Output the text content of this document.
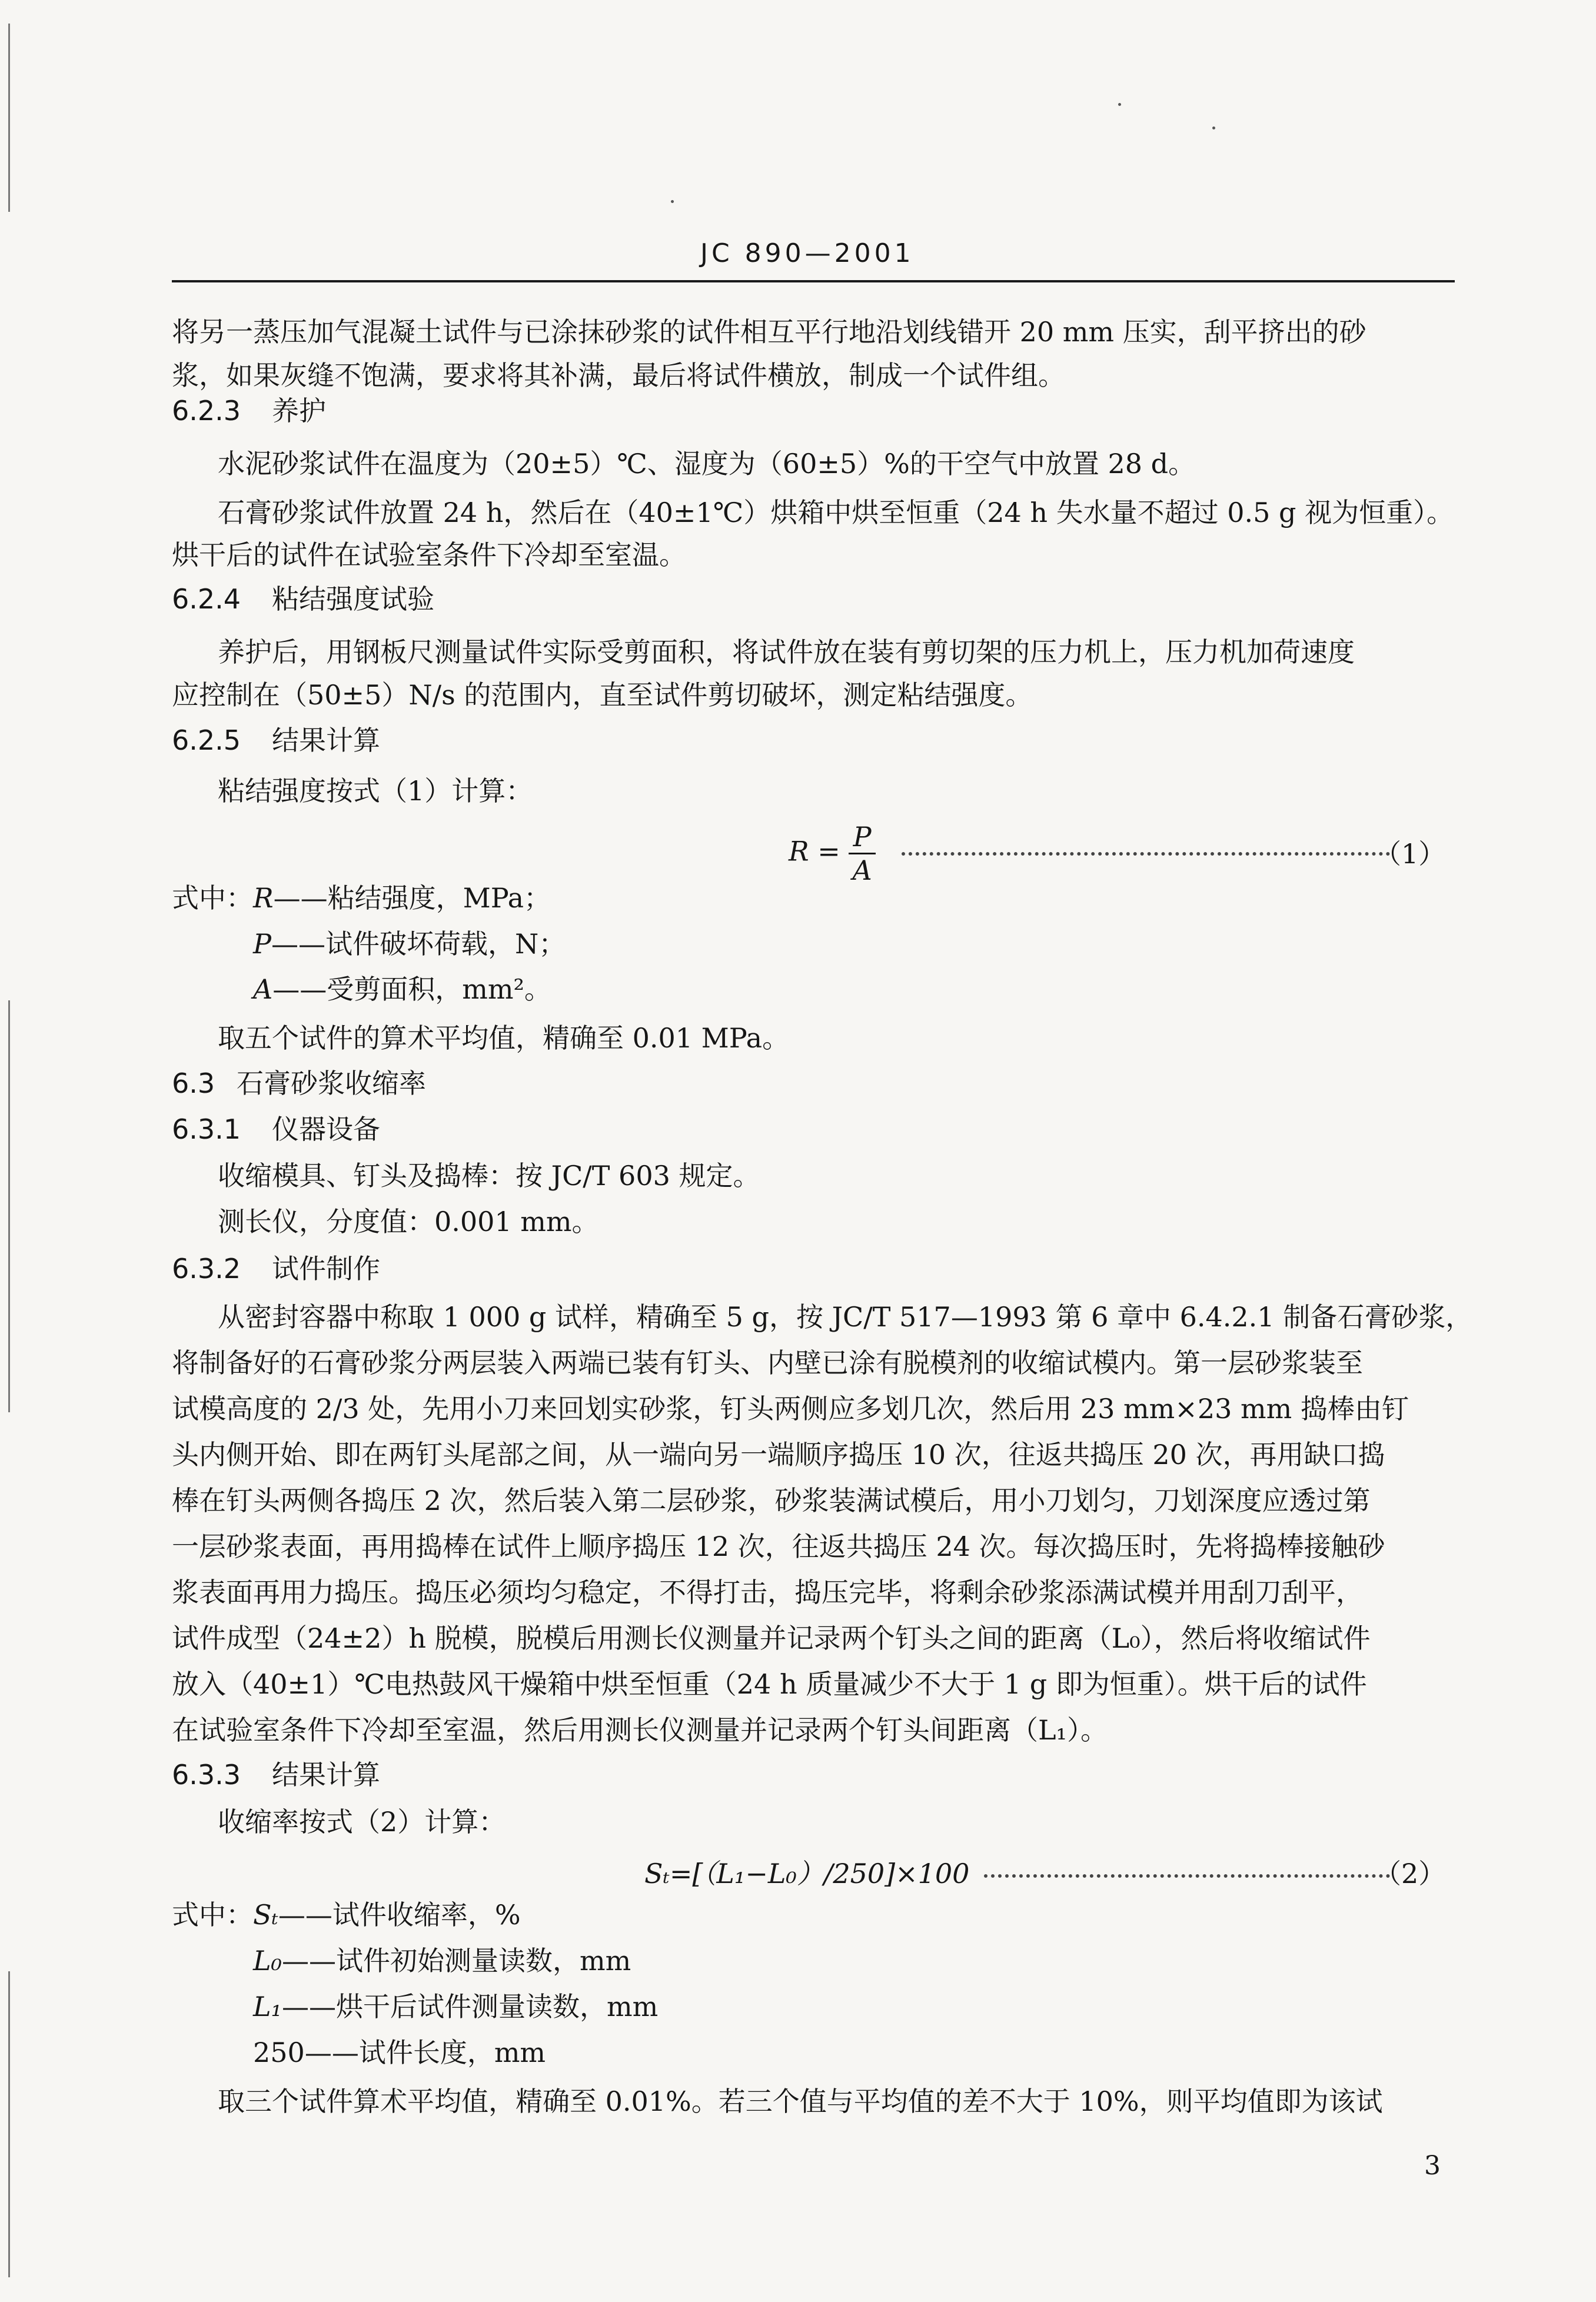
JC 890—2001
将另一蒸压加气混凝土试件与已涂抹砂浆的试件相互平行地沿划线错开 20 mm 压实，刮平挤出的砂
浆，如果灰缝不饱满，要求将其补满，最后将试件横放，制成一个试件组。
6.2.3 养护
水泥砂浆试件在温度为（20±5）℃、湿度为（60±5）%的干空气中放置 28 d。
石膏砂浆试件放置 24 h，然后在（40±1℃）烘箱中烘至恒重（24 h 失水量不超过 0.5 g 视为恒重）。
烘干后的试件在试验室条件下冷却至室温。
6.2.4 粘结强度试验
养护后，用钢板尺测量试件实际受剪面积，将试件放在装有剪切架的压力机上，压力机加荷速度
应控制在（50±5）N/s 的范围内，直至试件剪切破坏，测定粘结强度。
6.2.5 结果计算
粘结强度按式（1）计算：
$R = \frac{P}{A}$
	（1）
式中：R——粘结强度，MPa；
P——试件破坏荷载，N；
A——受剪面积，mm²。
取五个试件的算术平均值，精确至 0.01 MPa。
6.3 石膏砂浆收缩率
6.3.1 仪器设备
收缩模具、钉头及捣棒：按 JC/T 603 规定。
测长仪，分度值：0.001 mm。
6.3.2 试件制作
从密封容器中称取 1 000 g 试样，精确至 5 g，按 JC/T 517—1993 第 6 章中 6.4.2.1 制备石膏砂浆，
将制备好的石膏砂浆分两层装入两端已装有钉头、内壁已涂有脱模剂的收缩试模内。第一层砂浆装至
试模高度的 2/3 处，先用小刀来回划实砂浆，钉头两侧应多划几次，然后用 23 mm×23 mm 捣棒由钉
头内侧开始、即在两钉头尾部之间，从一端向另一端顺序捣压 10 次，往返共捣压 20 次，再用缺口捣
棒在钉头两侧各捣压 2 次，然后装入第二层砂浆，砂浆装满试模后，用小刀划匀，刀划深度应透过第
一层砂浆表面，再用捣棒在试件上顺序捣压 12 次，往返共捣压 24 次。每次捣压时，先将捣棒接触砂
浆表面再用力捣压。捣压必须均匀稳定，不得打击，捣压完毕，将剩余砂浆添满试模并用刮刀刮平，
试件成型（24±2）h 脱模，脱模后用测长仪测量并记录两个钉头之间的距离（L₀），然后将收缩试件
放入（40±1）℃电热鼓风干燥箱中烘至恒重（24 h 质量减少不大于 1 g 即为恒重）。烘干后的试件
在试验室条件下冷却至室温，然后用测长仪测量并记录两个钉头间距离（L₁）。
6.3.3 结果计算
收缩率按式（2）计算：
Sₜ=[（L₁−L₀）/250]×100	（2）
式中：Sₜ——试件收缩率，%
L₀——试件初始测量读数，mm
L₁——烘干后试件测量读数，mm
250——试件长度，mm
取三个试件算术平均值，精确至 0.01%。若三个值与平均值的差不大于 10%，则平均值即为该试
3
